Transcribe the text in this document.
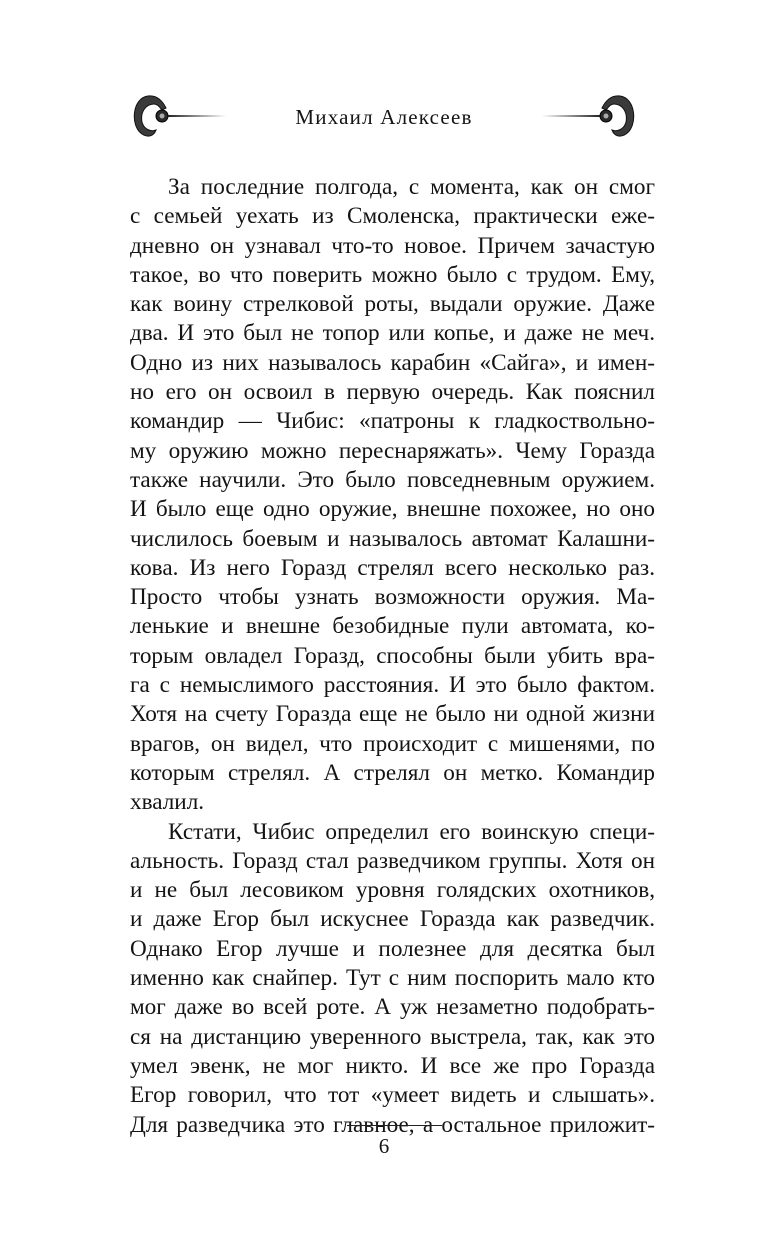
Михаил Алексеев
За последние полгода, с момента, как он смог
с семьей уехать из Смоленска, практически еже-
дневно он узнавал что-то новое. Причем зачастую
такое, во что поверить можно было с трудом. Ему,
как воину стрелковой роты, выдали оружие. Даже
два. И это был не топор или копье, и даже не меч.
Одно из них называлось карабин «Сайга», и имен-
но его он освоил в первую очередь. Как пояснил
командир — Чибис: «патроны к гладкоствольно-
му оружию можно переснаряжать». Чему Горазда
также научили. Это было повседневным оружием.
И было еще одно оружие, внешне похожее, но оно
числилось боевым и называлось автомат Калашни-
кова. Из него Горазд стрелял всего несколько раз.
Просто чтобы узнать возможности оружия. Ма-
ленькие и внешне безобидные пули автомата, ко-
торым овладел Горазд, способны были убить вра-
га с немыслимого расстояния. И это было фактом.
Хотя на счету Горазда еще не было ни одной жизни
врагов, он видел, что происходит с мишенями, по
которым стрелял. А стрелял он метко. Командир
хвалил.
Кстати, Чибис определил его воинскую специ-
альность. Горазд стал разведчиком группы. Хотя он
и не был лесовиком уровня голядских охотников,
и даже Егор был искуснее Горазда как разведчик.
Однако Егор лучше и полезнее для десятка был
именно как снайпер. Тут с ним поспорить мало кто
мог даже во всей роте. А уж незаметно подобрать-
ся на дистанцию уверенного выстрела, так, как это
умел эвенк, не мог никто. И все же про Горазда
Егор говорил, что тот «умеет видеть и слышать».
Для разведчика это главное, а остальное приложит-
6
